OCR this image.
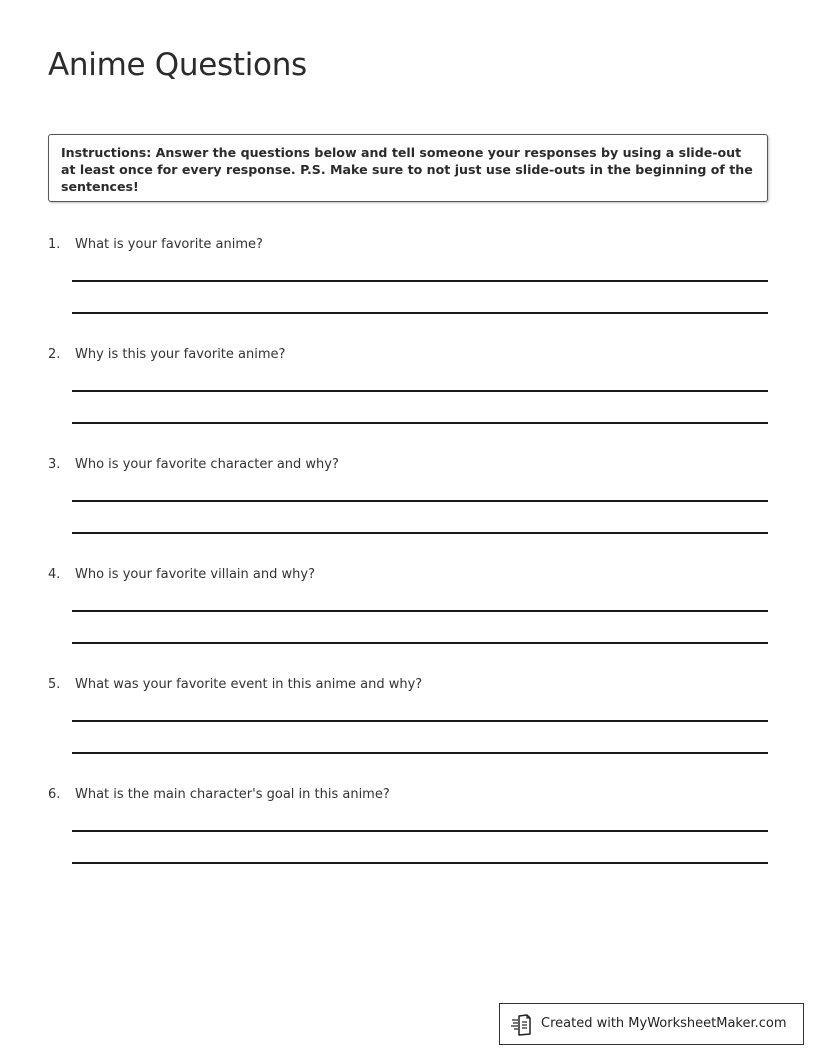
Anime Questions
Instructions: Answer the questions below and tell someone your responses by using a slide-out at least once for every response. P.S. Make sure to not just use slide-outs in the beginning of the sentences!
1. What is your favorite anime?
2. Why is this your favorite anime?
3. Who is your favorite character and why?
4. Who is your favorite villain and why?
5. What was your favorite event in this anime and why?
6. What is the main character's goal in this anime?
Created with MyWorksheetMaker.com
